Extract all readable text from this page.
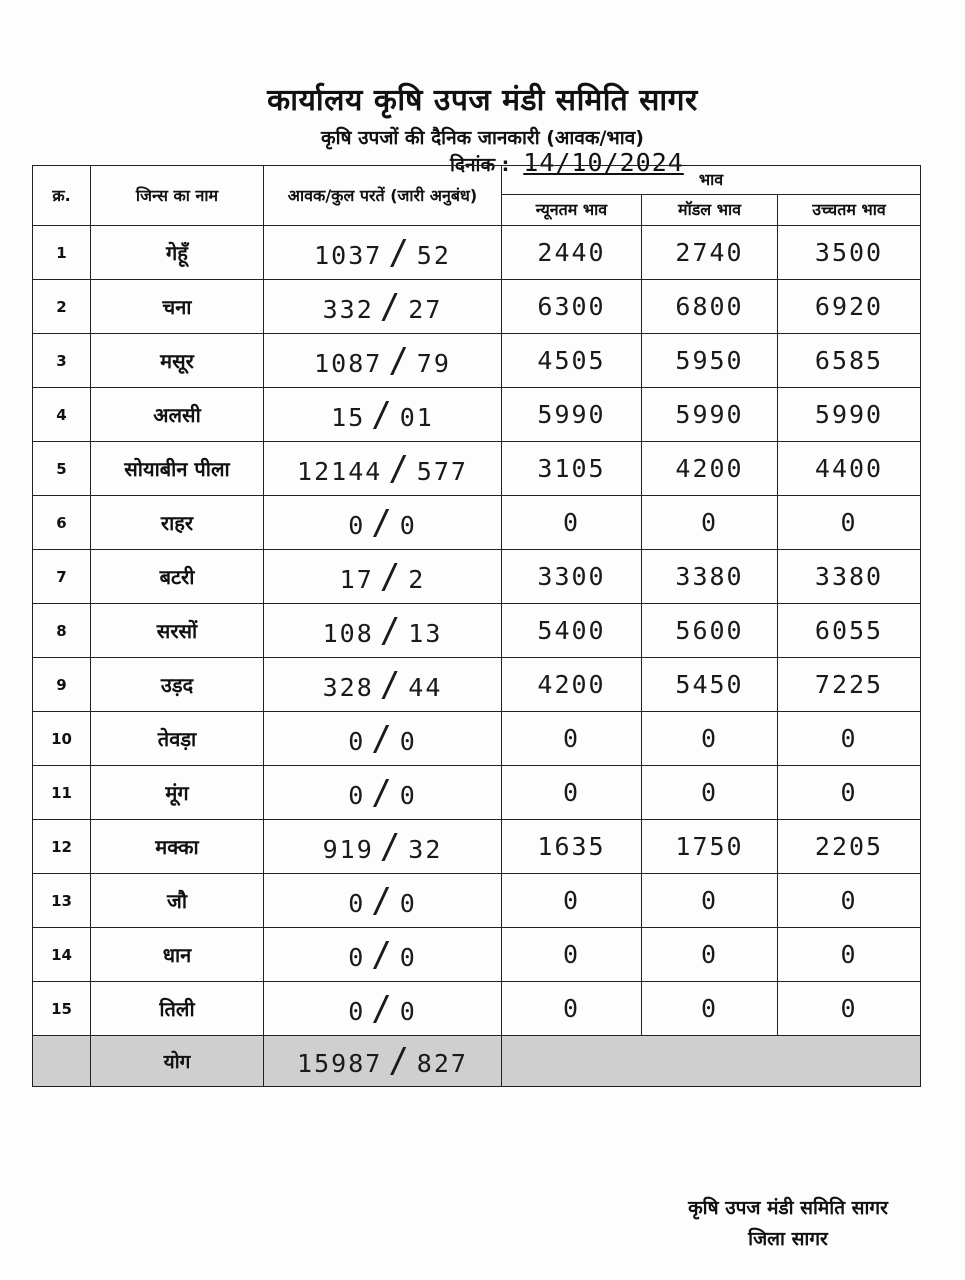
कार्यालय कृषि उपज मंडी समिति सागर
कृषि उपजों की दैनिक जानकारी (आवक/भाव)
दिनांक : 14/10/2024
क्र.	जिन्स का नाम	आवक/कुल परतें (जारी अनुबंध)	भाव		
			न्यूनतम भाव	मॉडल भाव	उच्चतम भाव
1	गेहूँ	1037 / 52	2440	2740	3500
2	चना	332 / 27	6300	6800	6920
3	मसूर	1087 / 79	4505	5950	6585
4	अलसी	15 / 01	5990	5990	5990
5	सोयाबीन पीला	12144 / 577	3105	4200	4400
6	राहर	0 / 0	0	0	0
7	बटरी	17 / 2	3300	3380	3380
8	सरसों	108 / 13	5400	5600	6055
9	उड़द	328 / 44	4200	5450	7225
10	तेवड़ा	0 / 0	0	0	0
11	मूंग	0 / 0	0	0	0
12	मक्का	919 / 32	1635	1750	2205
13	जौ	0 / 0	0	0	0
14	धान	0 / 0	0	0	0
15	तिली	0 / 0	0	0	0
	योग	15987 / 827			
कृषि उपज मंडी समिति सागर
जिला सागर
